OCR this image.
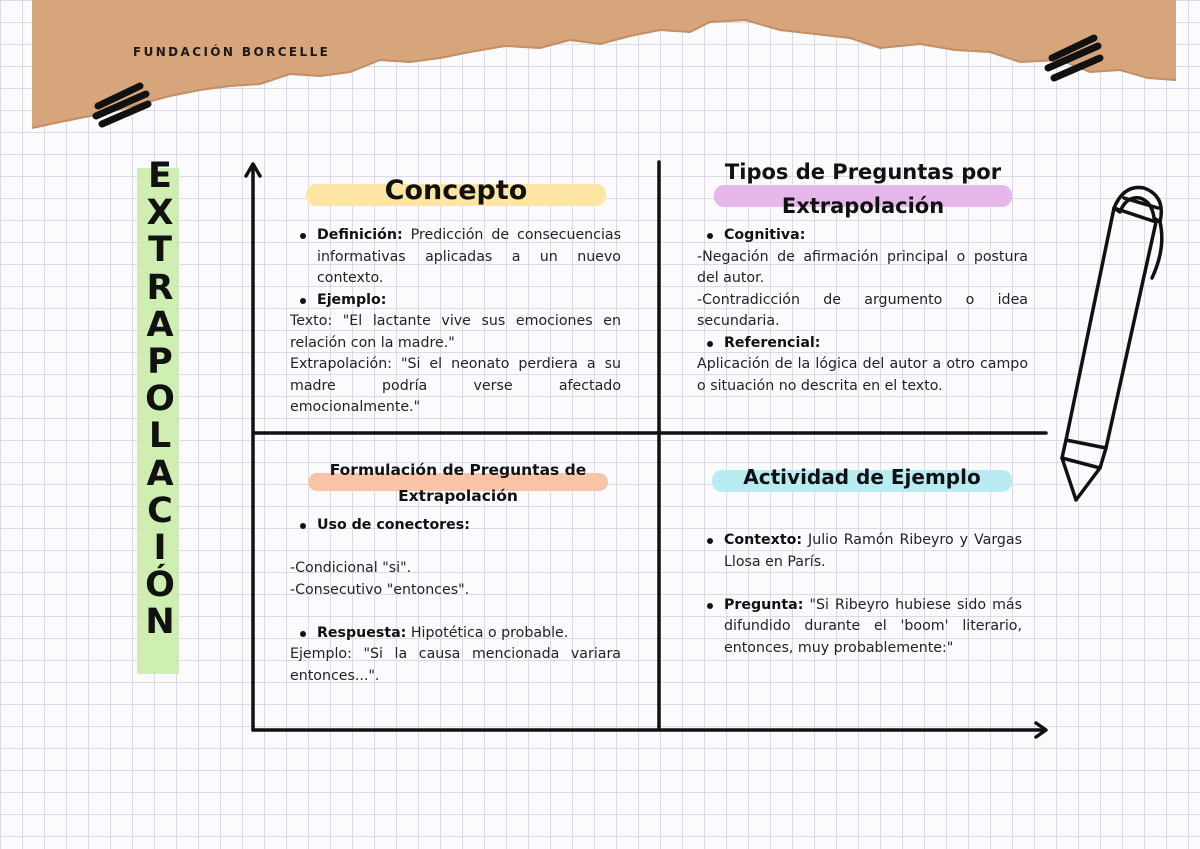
FUNDACIÓN BORCELLE
E
X
T
R
A
P
O
L
A
C
I
Ó
N
Concepto

Definición: Predicción de consecuencias informativas aplicadas a un nuevo contexto.

Ejemplo:

Texto: "El lactante vive sus emociones en relación con la madre."

Extrapolación: "Si el neonato perdiera a su madre podría verse afectado emocionalmente."

Tipos de Preguntas por
Extrapolación

Cognitiva:

-Negación de afirmación principal o postura del autor.

-Contradicción de argumento o idea secundaria.

Referencial:

Aplicación de la lógica del autor a otro campo o situación no descrita en el texto.

Formulación de Preguntas de
Extrapolación

Uso de conectores:

-Condicional "si".

-Consecutivo "entonces".

Respuesta: Hipotética o probable.

Ejemplo: "Si la causa mencionada variara entonces...".

Actividad de Ejemplo

Contexto: Julio Ramón Ribeyro y Vargas Llosa en París.

Pregunta: "Si Ribeyro hubiese sido más difundido durante el 'boom' literario, entonces, muy probablemente:"
